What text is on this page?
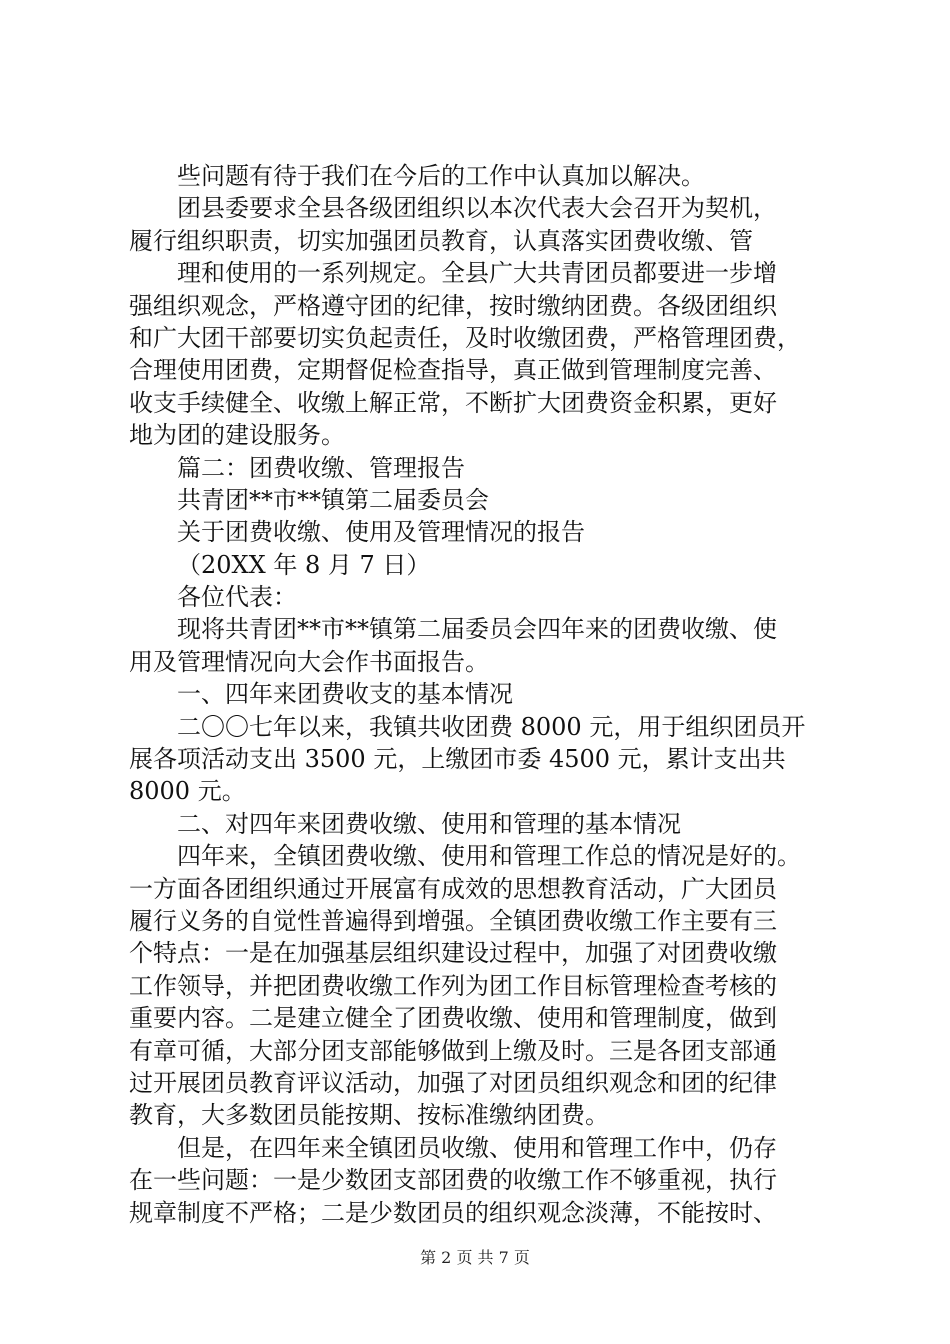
些问题有待于我们在今后的工作中认真加以解决。
团县委要求全县各级团组织以本次代表大会召开为契机，
履行组织职责，切实加强团员教育，认真落实团费收缴、管
理和使用的一系列规定。全县广大共青团员都要进一步增
强组织观念，严格遵守团的纪律，按时缴纳团费。各级团组织
和广大团干部要切实负起责任，及时收缴团费，严格管理团费，
合理使用团费，定期督促检查指导，真正做到管理制度完善、
收支手续健全、收缴上解正常，不断扩大团费资金积累，更好
地为团的建设服务。
篇二：团费收缴、管理报告
共青团**市**镇第二届委员会
关于团费收缴、使用及管理情况的报告
（20XX 年 8 月 7 日）
各位代表：
现将共青团**市**镇第二届委员会四年来的团费收缴、使
用及管理情况向大会作书面报告。
一、四年来团费收支的基本情况
二〇〇七年以来，我镇共收团费 8000 元，用于组织团员开
展各项活动支出 3500 元，上缴团市委 4500 元，累计支出共
8000 元。
二、对四年来团费收缴、使用和管理的基本情况
四年来，全镇团费收缴、使用和管理工作总的情况是好的。
一方面各团组织通过开展富有成效的思想教育活动，广大团员
履行义务的自觉性普遍得到增强。全镇团费收缴工作主要有三
个特点：一是在加强基层组织建设过程中，加强了对团费收缴
工作领导，并把团费收缴工作列为团工作目标管理检查考核的
重要内容。二是建立健全了团费收缴、使用和管理制度，做到
有章可循，大部分团支部能够做到上缴及时。三是各团支部通
过开展团员教育评议活动，加强了对团员组织观念和团的纪律
教育，大多数团员能按期、按标准缴纳团费。
但是，在四年来全镇团员收缴、使用和管理工作中，仍存
在一些问题：一是少数团支部团费的收缴工作不够重视，执行
规章制度不严格；二是少数团员的组织观念淡薄，不能按时、
第 2 页 共 7 页
